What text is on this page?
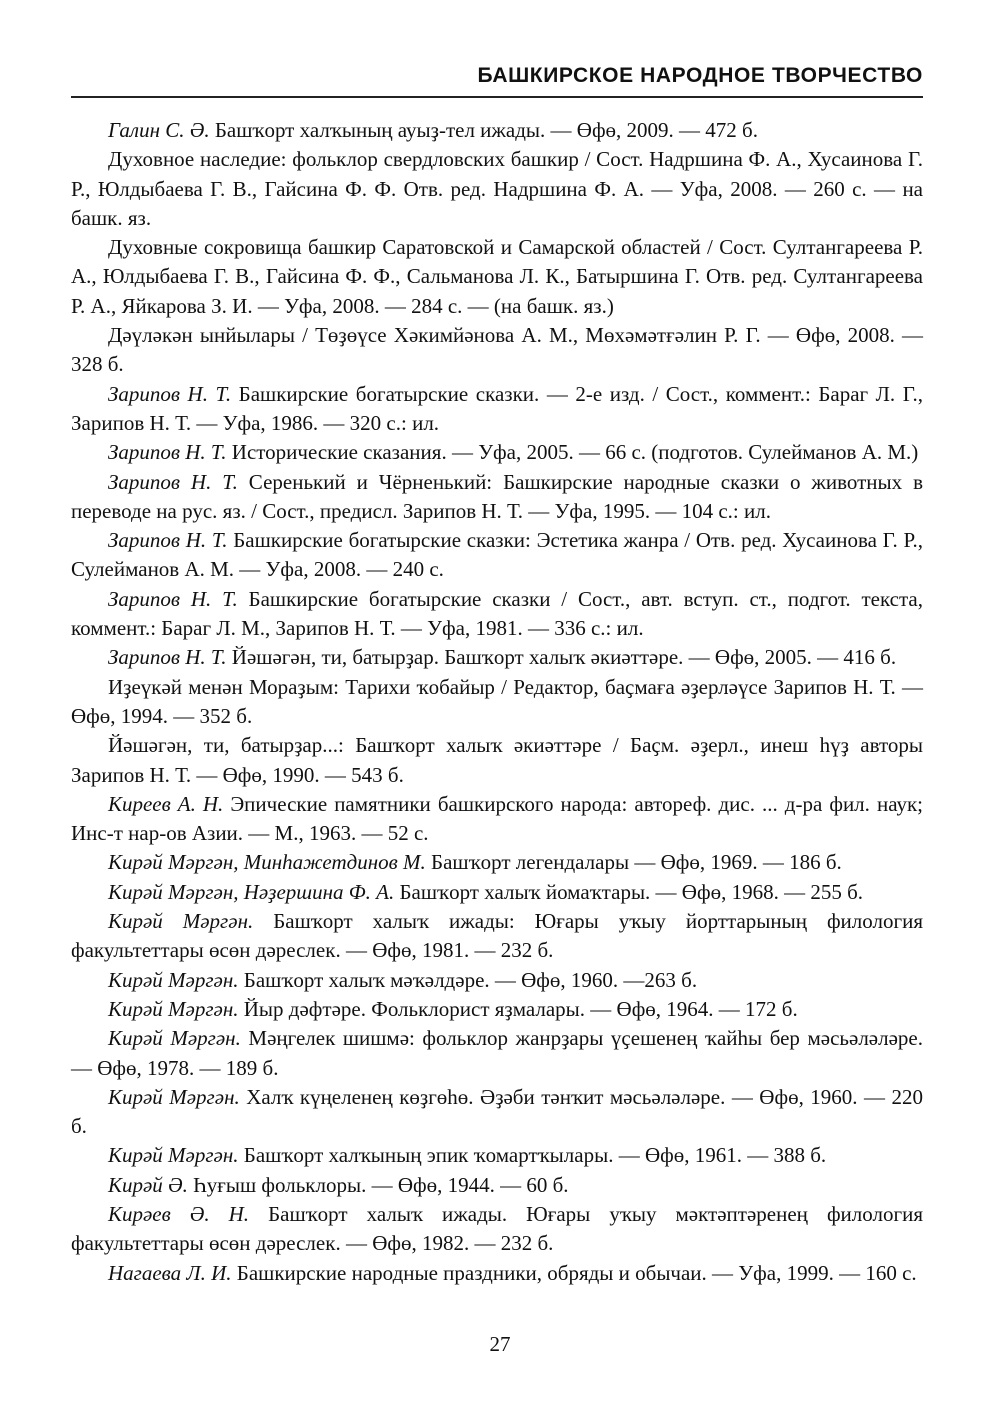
БАШКИРСКОЕ НАРОДНОЕ ТВОРЧЕСТВО
Галин С. Ә. Башҡорт халҡының ауыҙ-тел ижады. — Өфө, 2009. — 472 б.
Духовное наследие: фольклор свердловских башкир / Сост. Надршина Ф. А., Хусаинова Г. Р., Юлдыбаева Г. В., Гайсина Ф. Ф. Отв. ред. Надршина Ф. А. — Уфа, 2008. — 260 с. — на башк. яз.
Духовные сокровища башкир Саратовской и Самарской областей / Сост. Султангареева Р. А., Юлдыбаева Г. В., Гайсина Ф. Ф., Сальманова Л. К., Батыршина Г. Отв. ред. Султангареева Р. А., Яйкарова З. И. — Уфа, 2008. — 284 с. — (на башк. яз.)
Дәүләкән ынйылары / Төҙөүсе Хәкимйәнова А. М., Мөхәмәтғәлин Р. Г. — Өфө, 2008. — 328 б.
Зарипов Н. Т. Башкирские богатырские сказки. — 2-е изд. / Сост., коммент.: Бараг Л. Г., Зарипов Н. Т. — Уфа, 1986. — 320 с.: ил.
Зарипов Н. Т. Исторические сказания. — Уфа, 2005. — 66 с. (подготов. Сулейманов А. М.)
Зарипов Н. Т. Серенький и Чёрненький: Башкирские народные сказки о животных в переводе на рус. яз. / Сост., предисл. Зарипов Н. Т. — Уфа, 1995. — 104 с.: ил.
Зарипов Н. Т. Башкирские богатырские сказки: Эстетика жанра / Отв. ред. Хусаинова Г. Р., Сулейманов А. М. — Уфа, 2008. — 240 с.
Зарипов Н. Т. Башкирские богатырские сказки / Сост., авт. вступ. ст., подгот. текста, коммент.: Бараг Л. М., Зарипов Н. Т. — Уфа, 1981. — 336 с.: ил.
Зарипов Н. Т. Йәшәгән, ти, батырҙар. Башҡорт халыҡ әкиәттәре. — Өфө, 2005. — 416 б.
Иҙеүкәй менән Мораҙым: Тарихи ҡобайыр / Редактор, баҫмаға әҙерләүсе Зарипов Н. Т. — Өфө, 1994. — 352 б.
Йәшәгән, ти, батырҙар...: Башҡорт халыҡ әкиәттәре / Баҫм. әҙерл., инеш һүҙ авторы Зарипов Н. Т. — Өфө, 1990. — 543 б.
Киреев А. Н. Эпические памятники башкирского народа: автореф. дис. ... д-ра фил. наук; Инс-т нар-ов Азии. — М., 1963. — 52 с.
Кирәй Мәргән, Минһажетдинов М. Башҡорт легендалары — Өфө, 1969. — 186 б.
Кирәй Мәргән, Нәҙершина Ф. А. Башҡорт халыҡ йомаҡтары. — Өфө, 1968. — 255 б.
Кирәй Мәргән. Башҡорт халыҡ ижады: Юғары уҡыу йорттарының филология факультеттары өсөн дәреслек. — Өфө, 1981. — 232 б.
Кирәй Мәргән. Башҡорт халыҡ мәҡәлдәре. — Өфө, 1960. —263 б.
Кирәй Мәргән. Йыр дәфтәре. Фольклорист яҙмалары. — Өфө, 1964. — 172 б.
Кирәй Мәргән. Мәңгелек шишмә: фольклор жанрҙары үҫешенең ҡайһы бер мәсьәләләре. — Өфө, 1978. — 189 б.
Кирәй Мәргән. Халҡ күңеленең көҙгөһө. Әҙәби тәнҡит мәсьәләләре. — Өфө, 1960. — 220 б.
Кирәй Мәргән. Башҡорт халҡының эпик ҡомартҡылары. — Өфө, 1961. — 388 б.
Кирәй Ә. Һуғыш фольклоры. — Өфө, 1944. — 60 б.
Кирәев Ә. Н. Башҡорт халыҡ ижады. Юғары уҡыу мәктәптәренең филология факультеттары өсөн дәреслек. — Өфө, 1982. — 232 б.
Нагаева Л. И. Башкирские народные праздники, обряды и обычаи. — Уфа, 1999. — 160 с.
27
